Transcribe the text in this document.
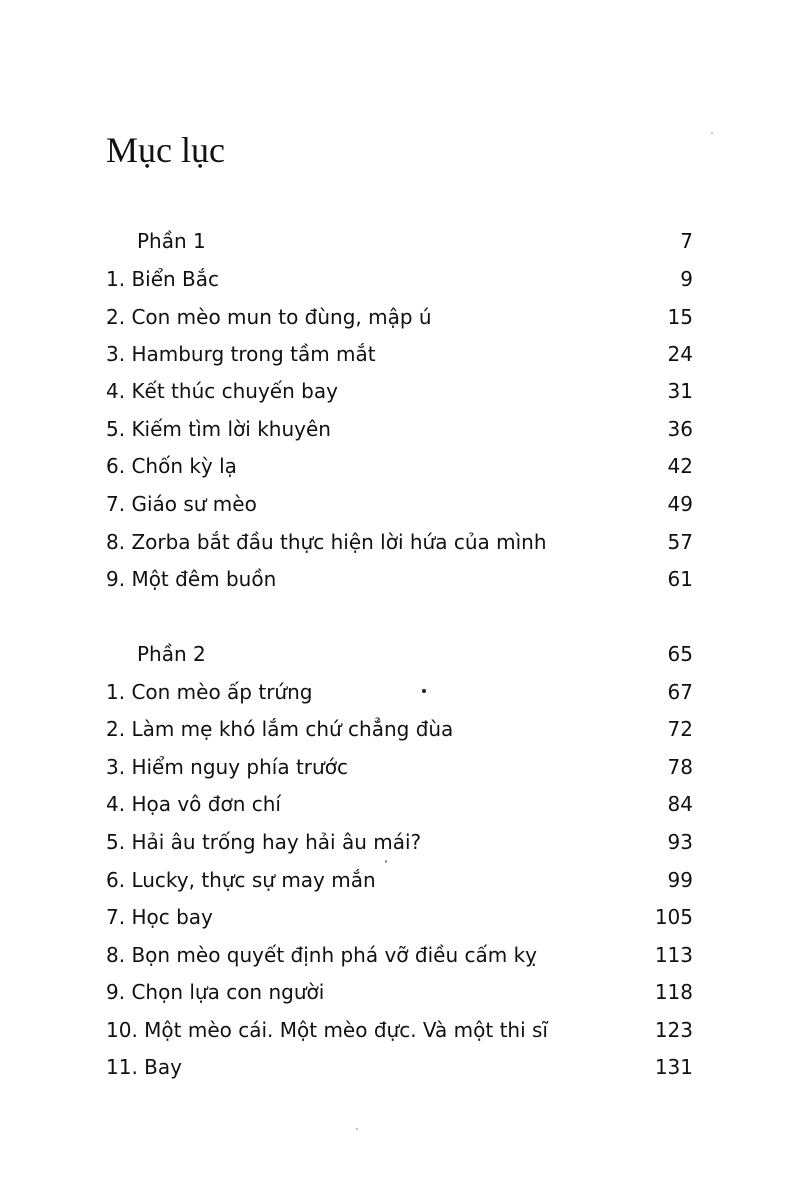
Mục lục
Phần 1	7
1. Biển Bắc	9
2. Con mèo mun to đùng, mập ú	15
3. Hamburg trong tầm mắt	24
4. Kết thúc chuyến bay	31
5. Kiếm tìm lời khuyên	36
6. Chốn kỳ lạ	42
7. Giáo sư mèo	49
8. Zorba bắt đầu thực hiện lời hứa của mình	57
9. Một đêm buồn	61
Phần 2	65
1. Con mèo ấp trứng	67
2. Làm mẹ khó lắm chứ chẳng đùa	72
3. Hiểm nguy phía trước	78
4. Họa vô đơn chí	84
5. Hải âu trống hay hải âu mái?	93
6. Lucky, thực sự may mắn	99
7. Học bay	105
8. Bọn mèo quyết định phá vỡ điều cấm kỵ	113
9. Chọn lựa con người	118
10. Một mèo cái. Một mèo đực. Và một thi sĩ	123
11. Bay	131
